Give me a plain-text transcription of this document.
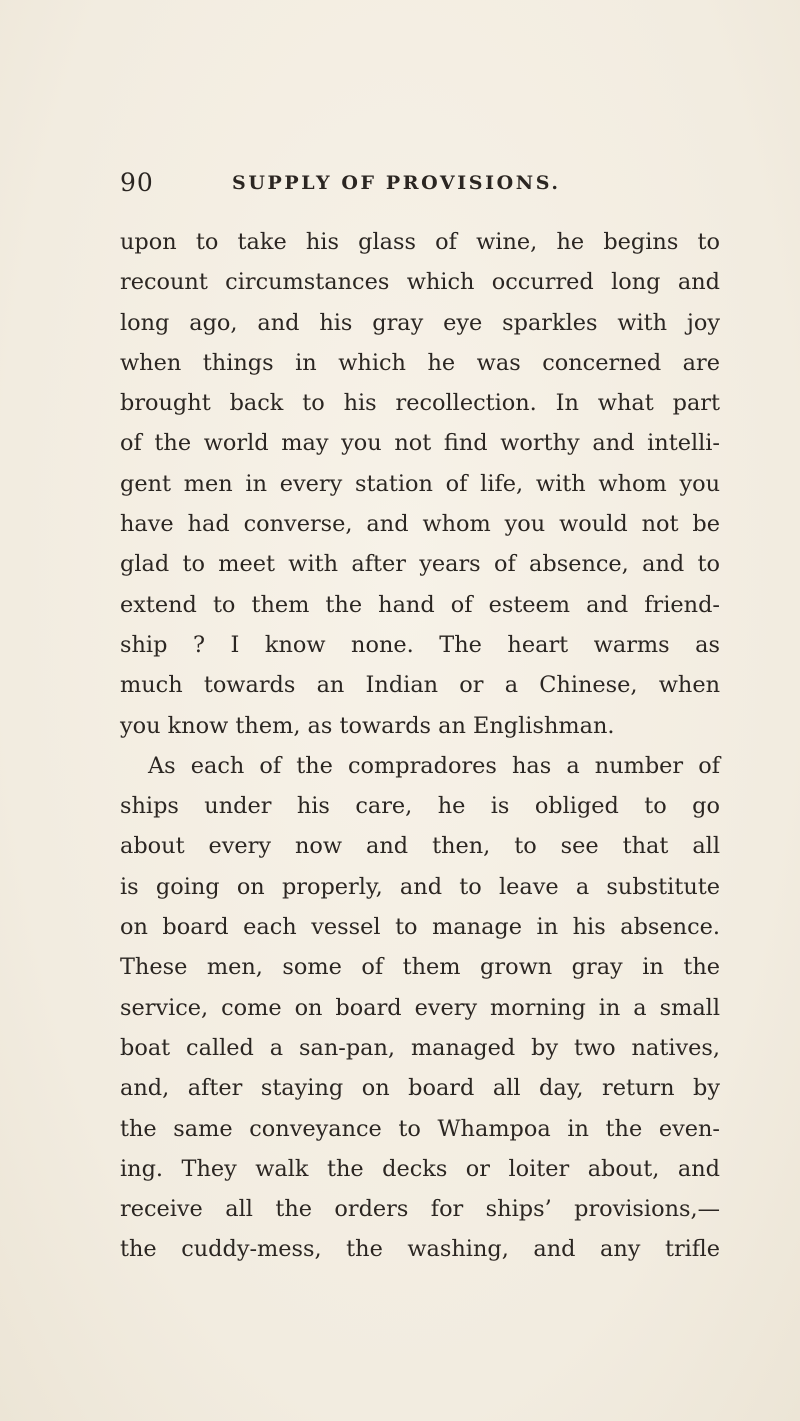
90	SUPPLY OF PROVISIONS.
upon to take his glass of wine, he begins to
recount circumstances which occurred long and
long ago, and his gray eye sparkles with joy
when things in which he was concerned are
brought back to his recollection. In what part
of the world may you not find worthy and intelli-
gent men in every station of life, with whom you
have had converse, and whom you would not be
glad to meet with after years of absence, and to
extend to them the hand of esteem and friend-
ship ? I know none. The heart warms as
much towards an Indian or a Chinese, when
you know them, as towards an Englishman.
As each of the compradores has a number of
ships under his care, he is obliged to go
about every now and then, to see that all
is going on properly, and to leave a substitute
on board each vessel to manage in his absence.
These men, some of them grown gray in the
service, come on board every morning in a small
boat called a san-pan, managed by two natives,
and, after staying on board all day, return by
the same conveyance to Whampoa in the even-
ing. They walk the decks or loiter about, and
receive all the orders for ships’ provisions,—
the cuddy-mess, the washing, and any trifle
